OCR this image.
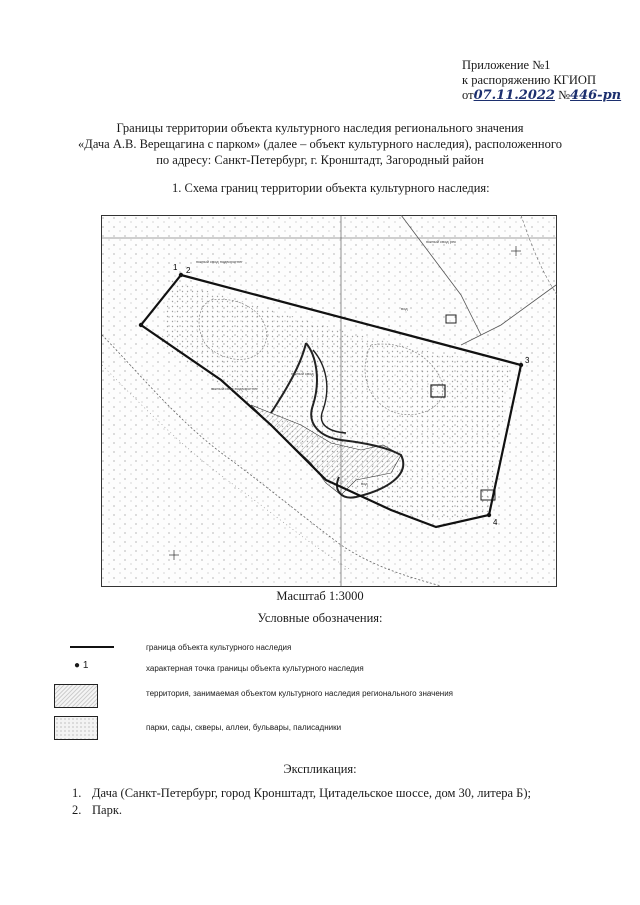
Приложение №1
к распоряжению КГИОП
от07.11.2022 №446-рп
Границы территории объекта культурного наследия регионального значения
«Дача А.В. Верещагина с парком» (далее – объект культурного наследия), расположенного
по адресу: Санкт-Петербург, г. Кронштадт, Загородный район
1. Схема границ территории объекта культурного наследия:
1 2
3
4
южный свод подворотнег
южный свод рек
южный свод подворотнег
южный свод
вод
вод
Масштаб 1:3000
Условные обозначения:
граница объекта культурного наследия
● 1	характерная точка границы объекта культурного наследия
территория, занимаемая объектом культурного наследия регионального значения
парки, сады, скверы, аллеи, бульвары, палисадники
Экспликация:
1. Дача (Санкт-Петербург, город Кронштадт, Цитадельское шоссе, дом 30, литера Б);
2. Парк.
